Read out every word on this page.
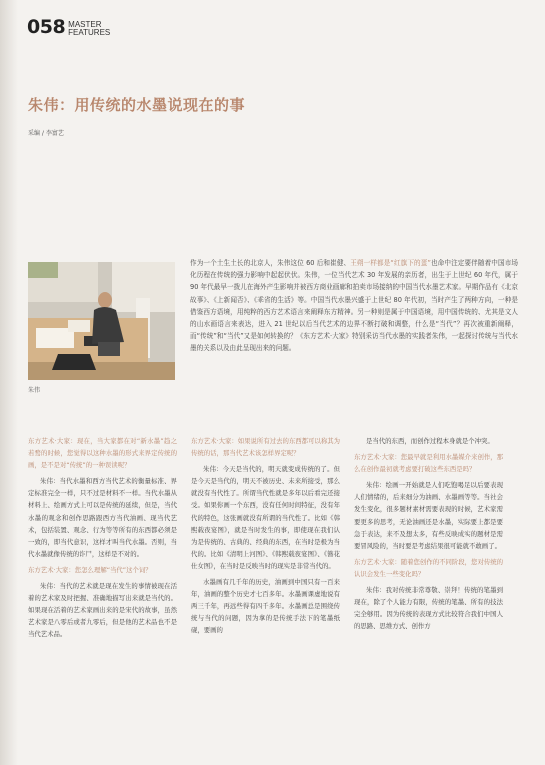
058 MASTER
FEATURES
朱伟：用传统的水墨说现在的事
采编 / 李富艺
朱伟

作为一个土生土长的北京人，朱伟这位 60 后和崔健、王朔一样都是“红旗下的蛋”也命中注定要伴随着中国市场化历程在传统的强力影响中起起伏伏。朱伟，一位当代艺术 30 年发展的亲历者，出生于上世纪 60 年代，属于 90 年代最早一拨儿在海外产生影响并被西方商业画廊和拍卖市场接纳的中国当代水墨艺术家。早期作品有《北京故事》、《上新闻否》、《乖省的生活》等。中国当代水墨兴盛于上世纪 80 年代初，当时产生了两种方向，一种是借鉴西方语境，用纯粹的西方艺术语言来阐释东方精神。另一种则是属于中国语境，用中国传统的、尤其是文人的山水画语言来表达，进入 21 世纪以后当代艺术的边界不断打破和调整，什么是“当代”？再次被重新阐释，而“传统”和“当代”又是如何转换的？《东方艺术·大家》特别采访当代水墨的实践者朱伟，一起探讨传统与当代水墨的关系以及由此呈现出来的问题。

东方艺术·大家：现在，当大家都在对“新水墨”趋之若鹜的时候，您觉得以这种水墨的形式来界定传统的画，是不是对“传统”的一种误读呢？

朱伟：当代水墨和西方当代艺术的衡量标准、界定标准完全一样，只不过是材料不一样。当代水墨从材料上、绘画方式上可以是传统的延续，但是，当代水墨的观念和创作思路跟西方当代油画、现当代艺术，包括装置、观念、行为等等所有的东西都必须是一致的，即当代意识，这样才叫当代水墨。否则，当代水墨就像传统的诈尸，这样是不对的。

东方艺术·大家：您怎么理解“当代”这个词？

朱伟：当代的艺术就是现在发生的事情被现在活着的艺术家及时把握、准确地描写出来就是当代的。如果现在活着的艺术家画出来的是宋代的故事，虽然艺术家是八零后或者九零后，但是他的艺术品也不是当代艺术品。

东方艺术·大家：如果说所有过去的东西都可以称其为传统的话，那当代艺术该怎样界定呢？

朱伟：今天是当代的，明天就变成传统的了。但是今天是当代的，明天不被历史、未来所接受，那么就没有当代性了。所谓当代性就是多年以后看完还接受。如果你画一个东西，没有任何时间特征，没有年代的特色，这张画就没有所谓的当代性了。比如《韩熙载夜宴图》，就是当时发生的事，即使现在我们认为是传统的、古典的、经典的东西，在当时是极为当代的。比如《清明上河图》、《韩熙载夜宴图》、《簪花仕女图》，在当时是反映当时的现实是非常当代的。

水墨画有几千年的历史，油画到中国只有一百来年，油画的整个历史才七百多年。水墨画课虚地说有两三千年，再远些得有四千多年。水墨画总是围绕传统与当代的问题，因为拿的是传统手法下的笔墨纸砚，要画的

是当代的东西，而创作过程本身就是个冲突。

东方艺术·大家：您最早就是利用水墨媒介来创作，那么在创作最初就考虑要打破这些东西是吗？

朱伟：绘画一开始就是人们吃饱喝足以后要表现人们情绪的，后来细分为油画、水墨画等等。当社会发生变化，很多题材素材需要表现的时候，艺术家需要更多的思考，无论油画还是水墨，实际要上都是要急于表达，来不及想太多，有些反映成实的题材是需要冒风险的，当时要是考虑结果很可能就不敢画了。

东方艺术·大家：随着您创作的不同阶段，您对传统的认识会发生一些变化吗？

朱伟：我对传统非常尊敬、崇拜！传统的笔墨到现在，除了个人能力有限，传统的笔墨、所有的技法完全够用。因为传统的表现方式比较符合我们中国人的思路、思维方式、创作方
